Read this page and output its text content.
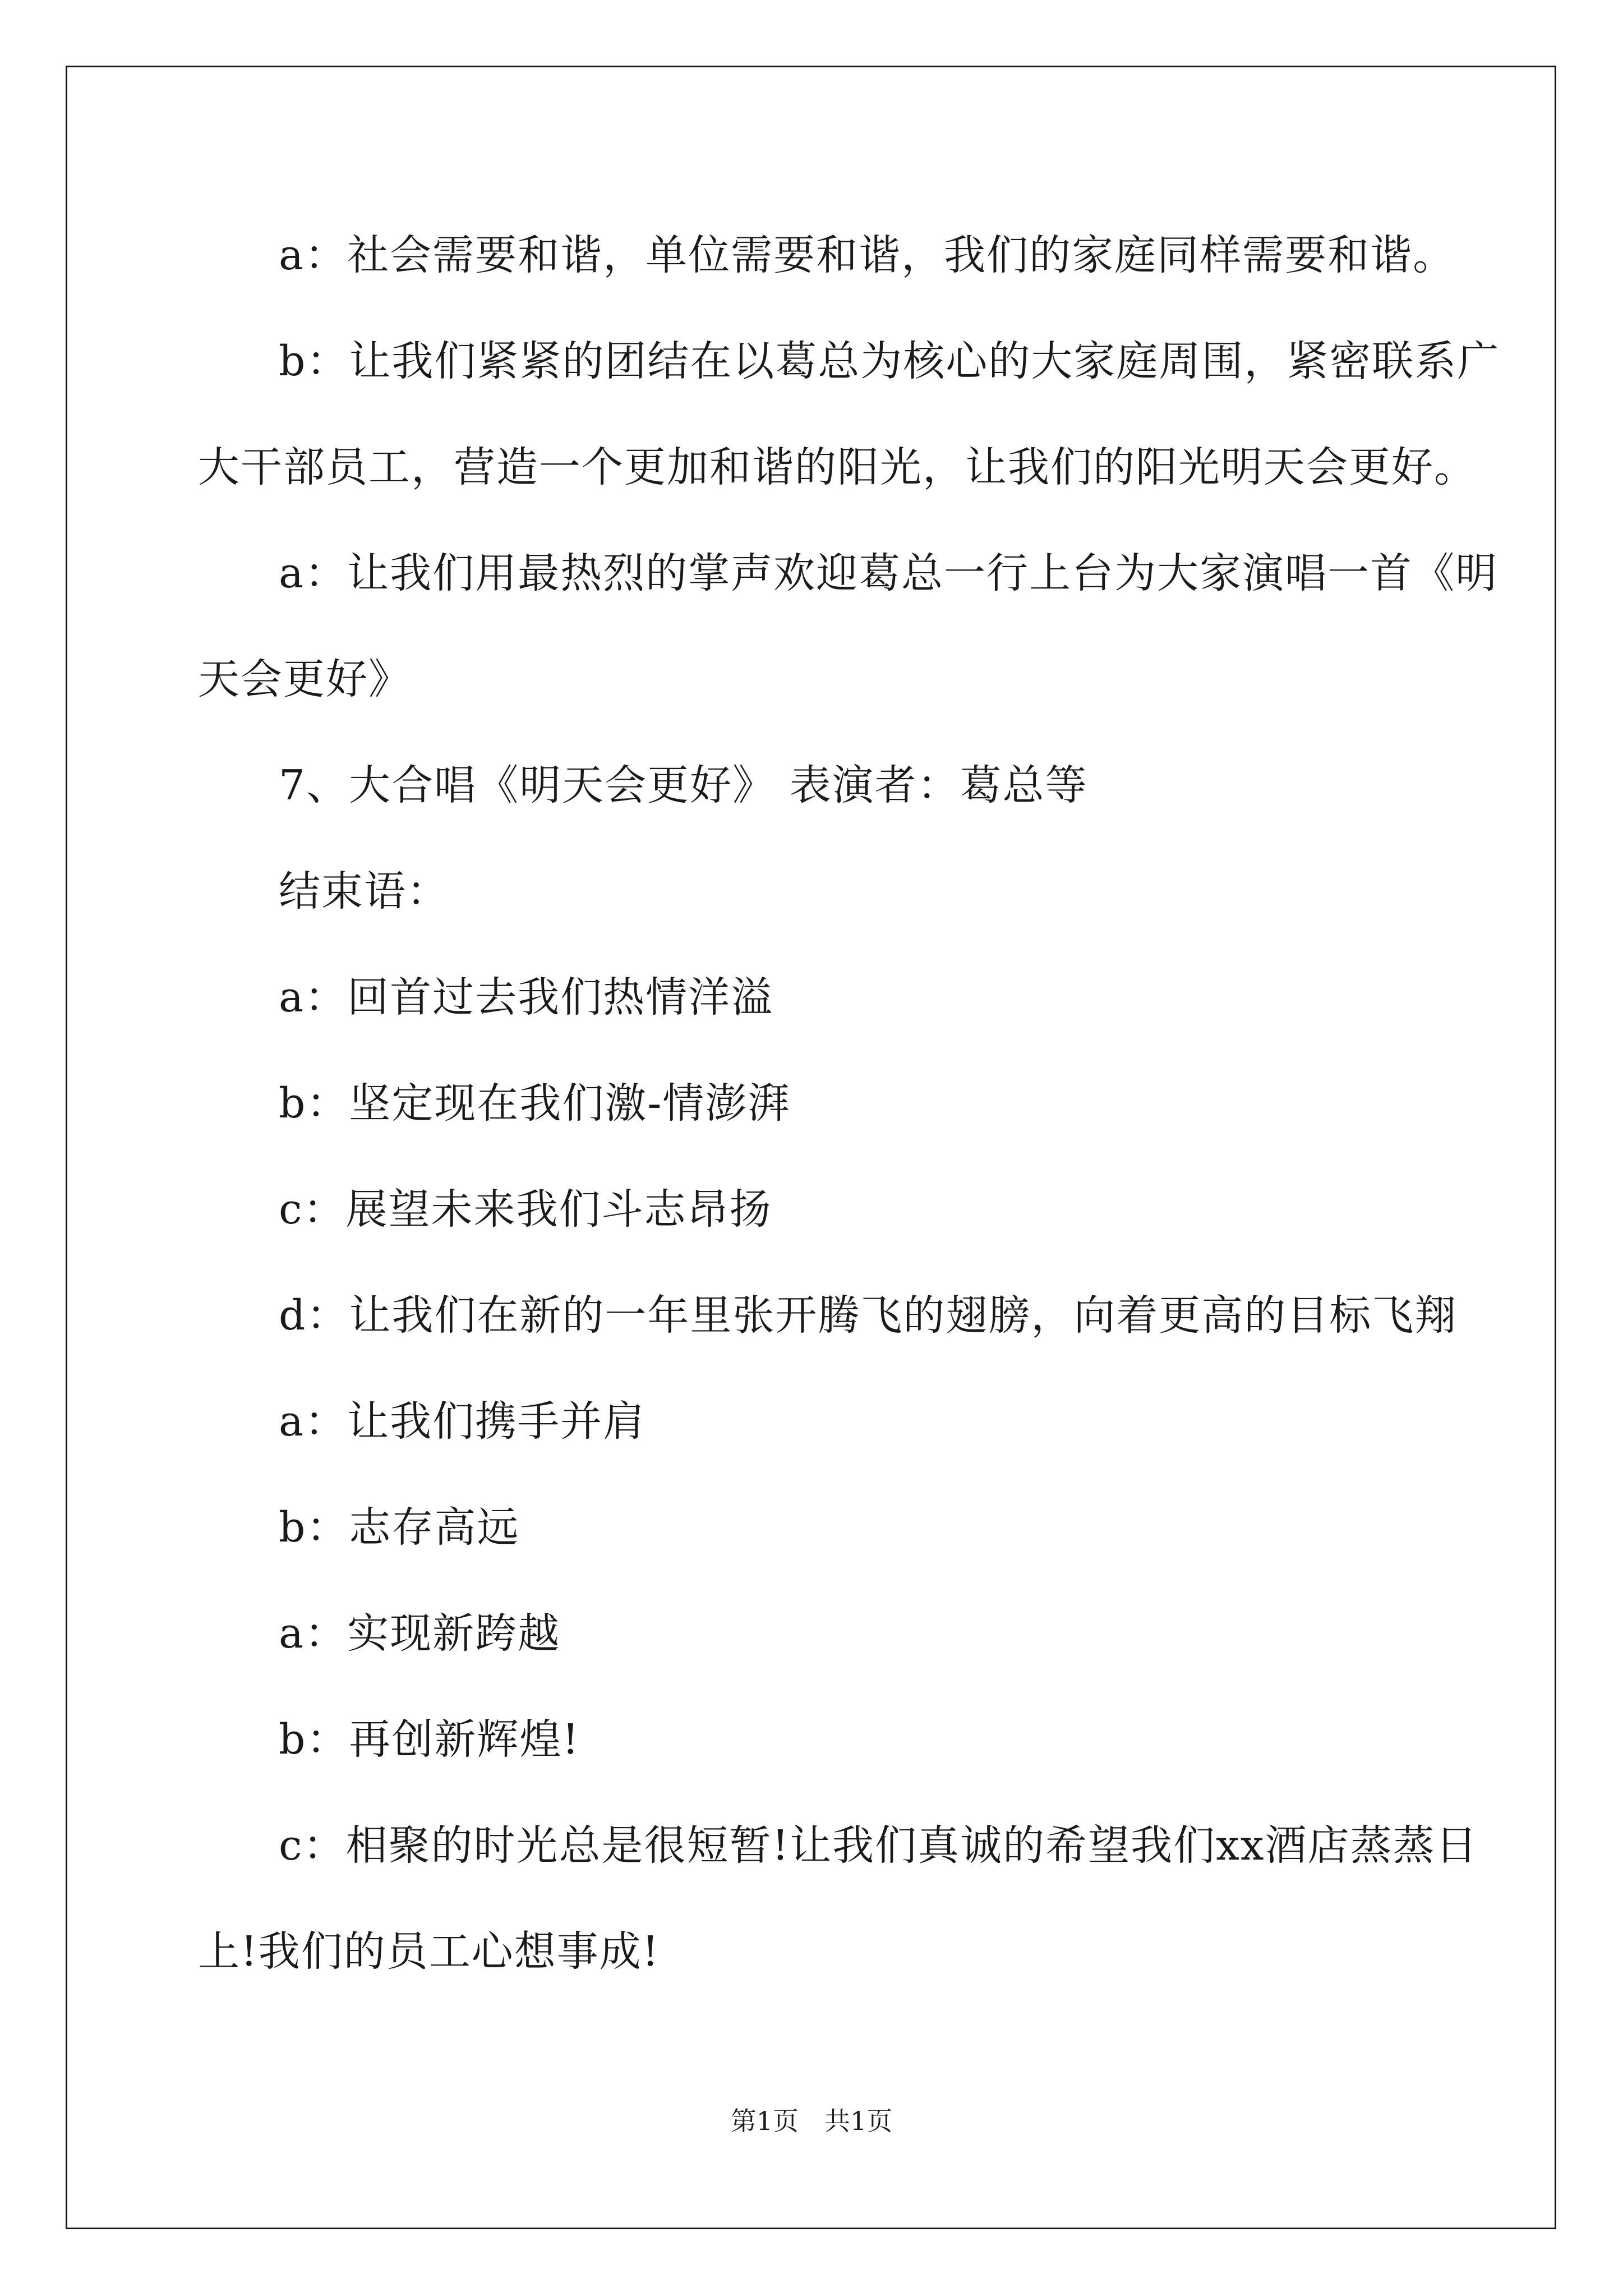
a：社会需要和谐，单位需要和谐，我们的家庭同样需要和谐。
b：让我们紧紧的团结在以葛总为核心的大家庭周围，紧密联系广
大干部员工，营造一个更加和谐的阳光，让我们的阳光明天会更好。
a：让我们用最热烈的掌声欢迎葛总一行上台为大家演唱一首《明
天会更好》
7、大合唱《明天会更好》 表演者：葛总等
结束语：
a：回首过去我们热情洋溢
b：坚定现在我们激-情澎湃
c：展望未来我们斗志昂扬
d：让我们在新的一年里张开腾飞的翅膀，向着更高的目标飞翔
a：让我们携手并肩
b：志存高远
a：实现新跨越
b：再创新辉煌!
c：相聚的时光总是很短暂!让我们真诚的希望我们xx酒店蒸蒸日
上!我们的员工心想事成!
第1页　共1页
